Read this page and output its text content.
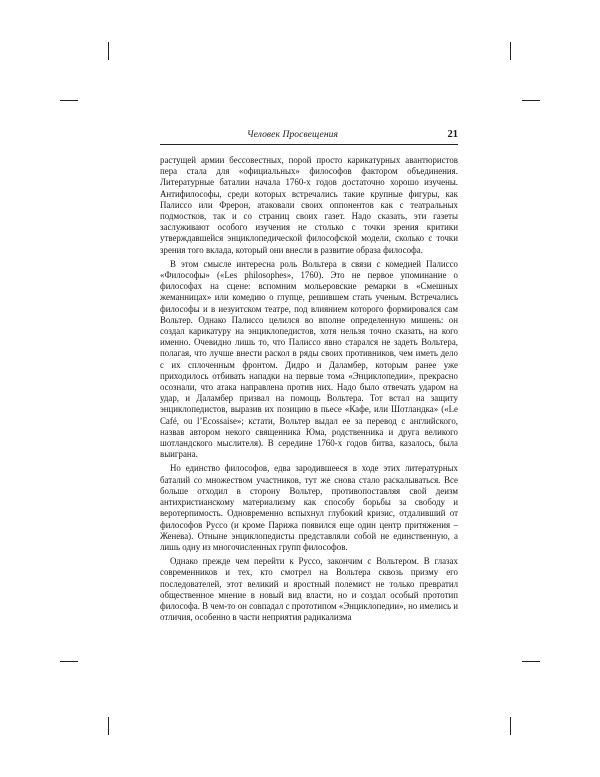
Человек Просвещения	21

растущей армии бессовестных, порой просто карикатурных авантюристов пера стала для «официальных» философов фактором объединения. Литературные баталии начала 1760-х годов достаточно хорошо изучены. Антифилософы, среди которых встречались такие крупные фигуры, как Палиссо или Фрерон, атаковали своих оппонентов как с театральных подмостков, так и со страниц своих газет. Надо сказать, эти газеты заслуживают особого изучения не столько с точки зрения критики утверждавшейся энциклопедической философской модели, сколько с точки зрения того вклада, который они внесли в развитие образа философа.

В этом смысле интересна роль Вольтера в связи с комедией Палиссо «Философы» («Les philosophes», 1760). Это не первое упоминание о философах на сцене: вспомним мольеровские ремарки в «Смешных жеманницах» или комедию о глупце, решившем стать ученым. Встречались философы и в иезуитском театре, под влиянием которого формировался сам Вольтер. Однако Палиссо целился во вполне определенную мишень: он создал карикатуру на энциклопедистов, хотя нельзя точно сказать, на кого именно. Очевидно лишь то, что Палиссо явно старался не задеть Вольтера, полагая, что лучше внести раскол в ряды своих противников, чем иметь дело с их сплоченным фронтом. Дидро и Даламбер, которым ранее уже приходилось отбивать нападки на первые тома «Энциклопедии», прекрасно осознали, что атака направлена против них. Надо было отвечать ударом на удар, и Даламбер призвал на помощь Вольтера. Тот встал на защиту энциклопедистов, выразив их позицию в пьесе «Кафе, или Шотландка» («Le Café, ou l’Ecossaise»; кстати, Вольтер выдал ее за перевод с английского, назвав автором некого священника Юма, родственника и друга великого шотландского мыслителя). В середине 1760-х годов битва, казалось, была выиграна.

Но единство философов, едва зародившееся в ходе этих литературных баталий со множеством участников, тут же снова стало раскалываться. Все больше отходил в сторону Вольтер, противопоставляя свой деизм антихристианскому материализму как способу борьбы за свободу и веротерпимость. Одновременно вспыхнул глубокий кризис, отдаливший от философов Руссо (и кроме Парижа появился еще один центр притяжения – Женева). Отныне энциклопедисты представляли собой не единственную, а лишь одну из многочисленных групп философов.

Однако прежде чем перейти к Руссо, закончим с Вольтером. В глазах современников и тех, кто смотрел на Вольтера сквозь призму его последователей, этот великий и яростный полемист не только превратил общественное мнение в новый вид власти, но и создал особый прототип философа. В чем-то он совпадал с прототипом «Энциклопедии», но имелись и отличия, особенно в части неприятия радикализма
